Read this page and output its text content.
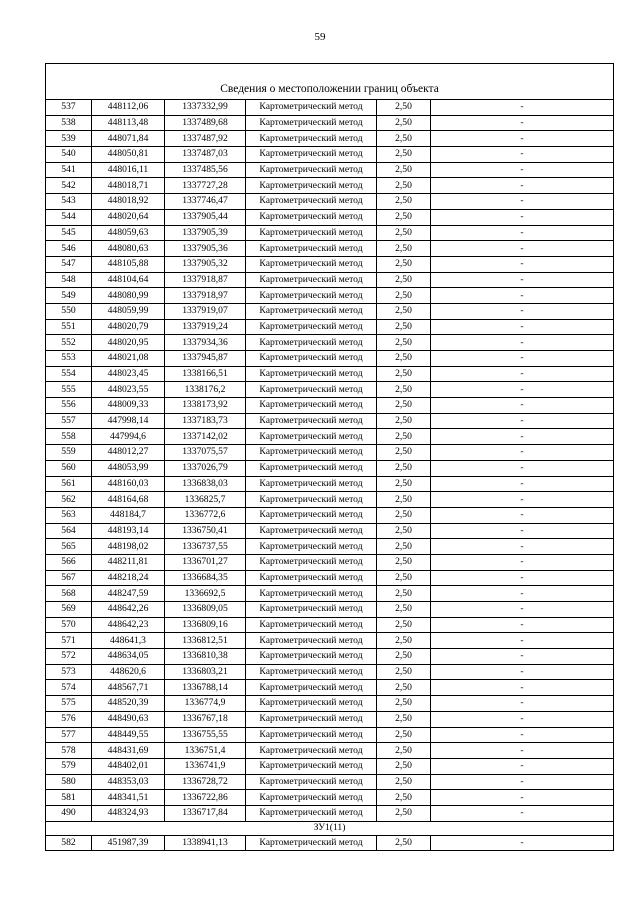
59
Сведения о местоположении границ объекта					
537	448112,06	1337332,99	Картометрический метод	2,50	-
538	448113,48	1337489,68	Картометрический метод	2,50	-
539	448071,84	1337487,92	Картометрический метод	2,50	-
540	448050,81	1337487,03	Картометрический метод	2,50	-
541	448016,11	1337485,56	Картометрический метод	2,50	-
542	448018,71	1337727,28	Картометрический метод	2,50	-
543	448018,92	1337746,47	Картометрический метод	2,50	-
544	448020,64	1337905,44	Картометрический метод	2,50	-
545	448059,63	1337905,39	Картометрический метод	2,50	-
546	448080,63	1337905,36	Картометрический метод	2,50	-
547	448105,88	1337905,32	Картометрический метод	2,50	-
548	448104,64	1337918,87	Картометрический метод	2,50	-
549	448080,99	1337918,97	Картометрический метод	2,50	-
550	448059,99	1337919,07	Картометрический метод	2,50	-
551	448020,79	1337919,24	Картометрический метод	2,50	-
552	448020,95	1337934,36	Картометрический метод	2,50	-
553	448021,08	1337945,87	Картометрический метод	2,50	-
554	448023,45	1338166,51	Картометрический метод	2,50	-
555	448023,55	1338176,2	Картометрический метод	2,50	-
556	448009,33	1338173,92	Картометрический метод	2,50	-
557	447998,14	1337183,73	Картометрический метод	2,50	-
558	447994,6	1337142,02	Картометрический метод	2,50	-
559	448012,27	1337075,57	Картометрический метод	2,50	-
560	448053,99	1337026,79	Картометрический метод	2,50	-
561	448160,03	1336838,03	Картометрический метод	2,50	-
562	448164,68	1336825,7	Картометрический метод	2,50	-
563	448184,7	1336772,6	Картометрический метод	2,50	-
564	448193,14	1336750,41	Картометрический метод	2,50	-
565	448198,02	1336737,55	Картометрический метод	2,50	-
566	448211,81	1336701,27	Картометрический метод	2,50	-
567	448218,24	1336684,35	Картометрический метод	2,50	-
568	448247,59	1336692,5	Картометрический метод	2,50	-
569	448642,26	1336809,05	Картометрический метод	2,50	-
570	448642,23	1336809,16	Картометрический метод	2,50	-
571	448641,3	1336812,51	Картометрический метод	2,50	-
572	448634,05	1336810,38	Картометрический метод	2,50	-
573	448620,6	1336803,21	Картометрический метод	2,50	-
574	448567,71	1336788,14	Картометрический метод	2,50	-
575	448520,39	1336774,9	Картометрический метод	2,50	-
576	448490,63	1336767,18	Картометрический метод	2,50	-
577	448449,55	1336755,55	Картометрический метод	2,50	-
578	448431,69	1336751,4	Картометрический метод	2,50	-
579	448402,01	1336741,9	Картометрический метод	2,50	-
580	448353,03	1336728,72	Картометрический метод	2,50	-
581	448341,51	1336722,86	Картометрический метод	2,50	-
490	448324,93	1336717,84	Картометрический метод	2,50	-
ЗУ1(11)					
582	451987,39	1338941,13	Картометрический метод	2,50	-
